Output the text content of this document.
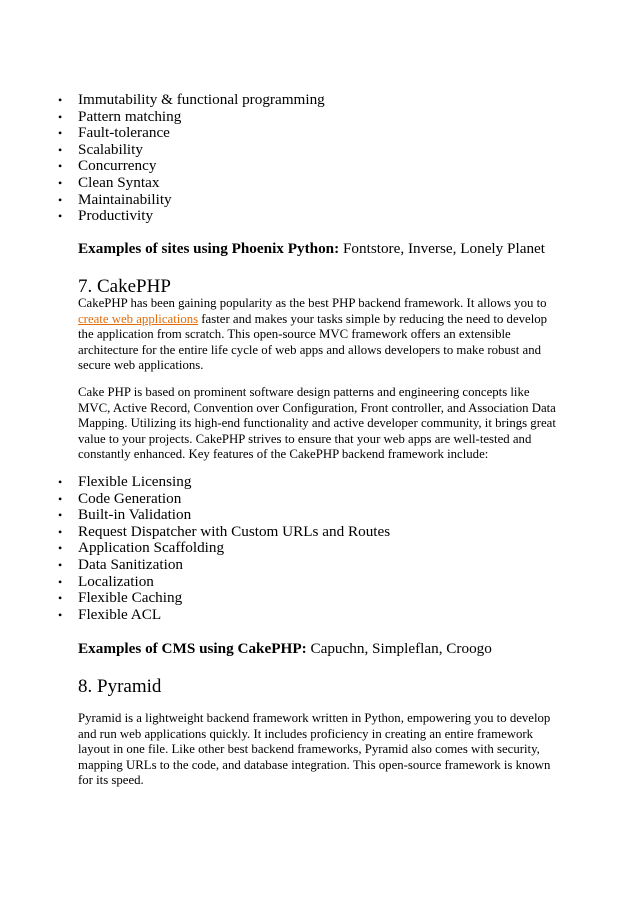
• Immutability & functional programming
• Pattern matching
• Fault-tolerance
• Scalability
• Concurrency
• Clean Syntax
• Maintainability
• Productivity
Examples of sites using Phoenix Python: Fontstore, Inverse, Lonely Planet
7. CakePHP

CakePHP has been gaining popularity as the best PHP backend framework. It allows you to create web applications faster and makes your tasks simple by reducing the need to develop the application from scratch. This open-source MVC framework offers an extensible architecture for the entire life cycle of web apps and allows developers to make robust and secure web applications.

Cake PHP is based on prominent software design patterns and engineering concepts like MVC, Active Record, Convention over Configuration, Front controller, and Association Data Mapping. Utilizing its high-end functionality and active developer community, it brings great value to your projects. CakePHP strives to ensure that your web apps are well-tested and constantly enhanced. Key features of the CakePHP backend framework include:

• Flexible Licensing
• Code Generation
• Built-in Validation
• Request Dispatcher with Custom URLs and Routes
• Application Scaffolding
• Data Sanitization
• Localization
• Flexible Caching
• Flexible ACL
Examples of CMS using CakePHP: Capuchn, Simpleflan, Croogo
8. Pyramid

Pyramid is a lightweight backend framework written in Python, empowering you to develop and run web applications quickly. It includes proficiency in creating an entire framework layout in one file. Like other best backend frameworks, Pyramid also comes with security, mapping URLs to the code, and database integration. This open-source framework is known for its speed.
